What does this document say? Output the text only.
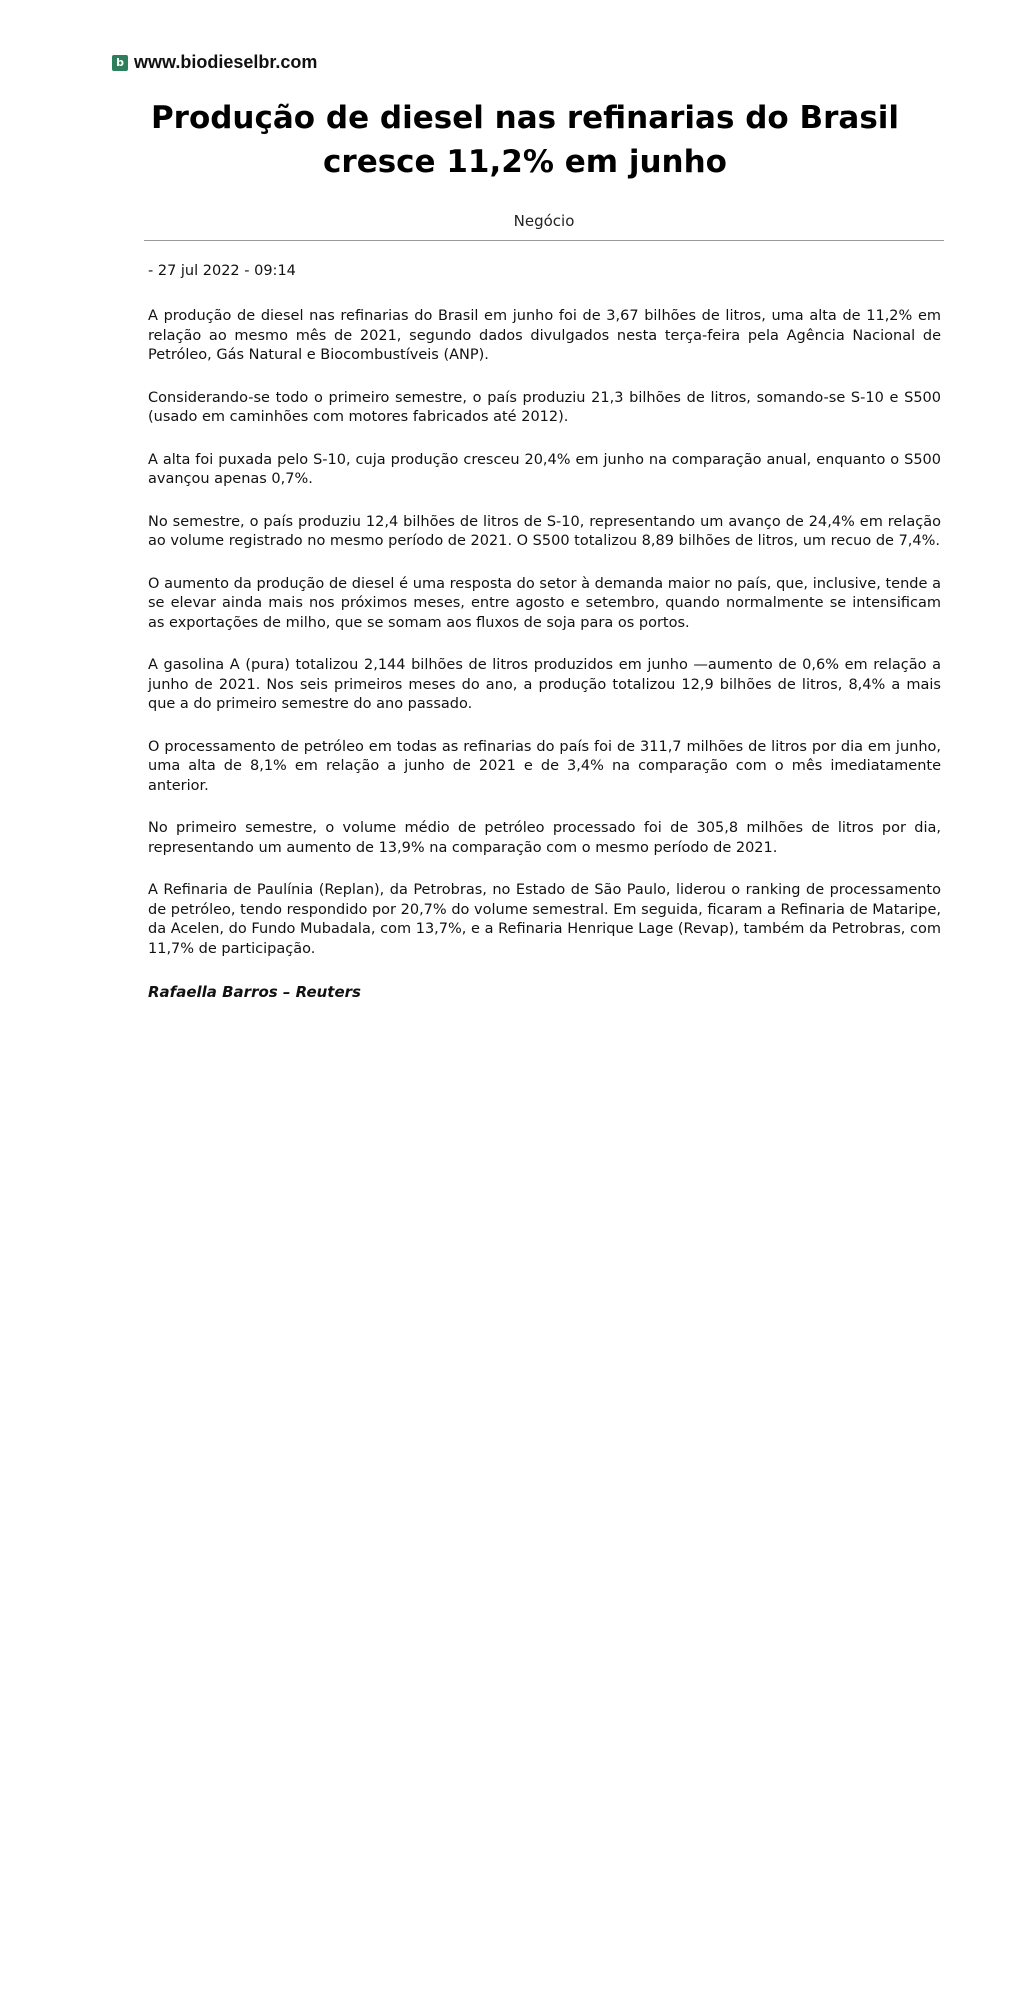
b www.biodieselbr.com
Produção de diesel nas refinarias do Brasil cresce 11,2% em junho
Negócio
- 27 jul 2022 - 09:14

A produção de diesel nas refinarias do Brasil em junho foi de 3,67 bilhões de litros, uma alta de 11,2% em relação ao mesmo mês de 2021, segundo dados divulgados nesta terça-feira pela Agência Nacional de Petróleo, Gás Natural e Biocombustíveis (ANP).

Considerando-se todo o primeiro semestre, o país produziu 21,3 bilhões de litros, somando-se S-10 e S500 (usado em caminhões com motores fabricados até 2012).

A alta foi puxada pelo S-10, cuja produção cresceu 20,4% em junho na comparação anual, enquanto o S500 avançou apenas 0,7%.

No semestre, o país produziu 12,4 bilhões de litros de S-10, representando um avanço de 24,4% em relação ao volume registrado no mesmo período de 2021. O S500 totalizou 8,89 bilhões de litros, um recuo de 7,4%.

O aumento da produção de diesel é uma resposta do setor à demanda maior no país, que, inclusive, tende a se elevar ainda mais nos próximos meses, entre agosto e setembro, quando normalmente se intensificam as exportações de milho, que se somam aos fluxos de soja para os portos.

A gasolina A (pura) totalizou 2,144 bilhões de litros produzidos em junho —aumento de 0,6% em relação a junho de 2021. Nos seis primeiros meses do ano, a produção totalizou 12,9 bilhões de litros, 8,4% a mais que a do primeiro semestre do ano passado.

O processamento de petróleo em todas as refinarias do país foi de 311,7 milhões de litros por dia em junho, uma alta de 8,1% em relação a junho de 2021 e de 3,4% na comparação com o mês imediatamente anterior.

No primeiro semestre, o volume médio de petróleo processado foi de 305,8 milhões de litros por dia, representando um aumento de 13,9% na comparação com o mesmo período de 2021.

A Refinaria de Paulínia (Replan), da Petrobras, no Estado de São Paulo, liderou o ranking de processamento de petróleo, tendo respondido por 20,7% do volume semestral. Em seguida, ficaram a Refinaria de Mataripe, da Acelen, do Fundo Mubadala, com 13,7%, e a Refinaria Henrique Lage (Revap), também da Petrobras, com 11,7% de participação.

Rafaella Barros – Reuters
